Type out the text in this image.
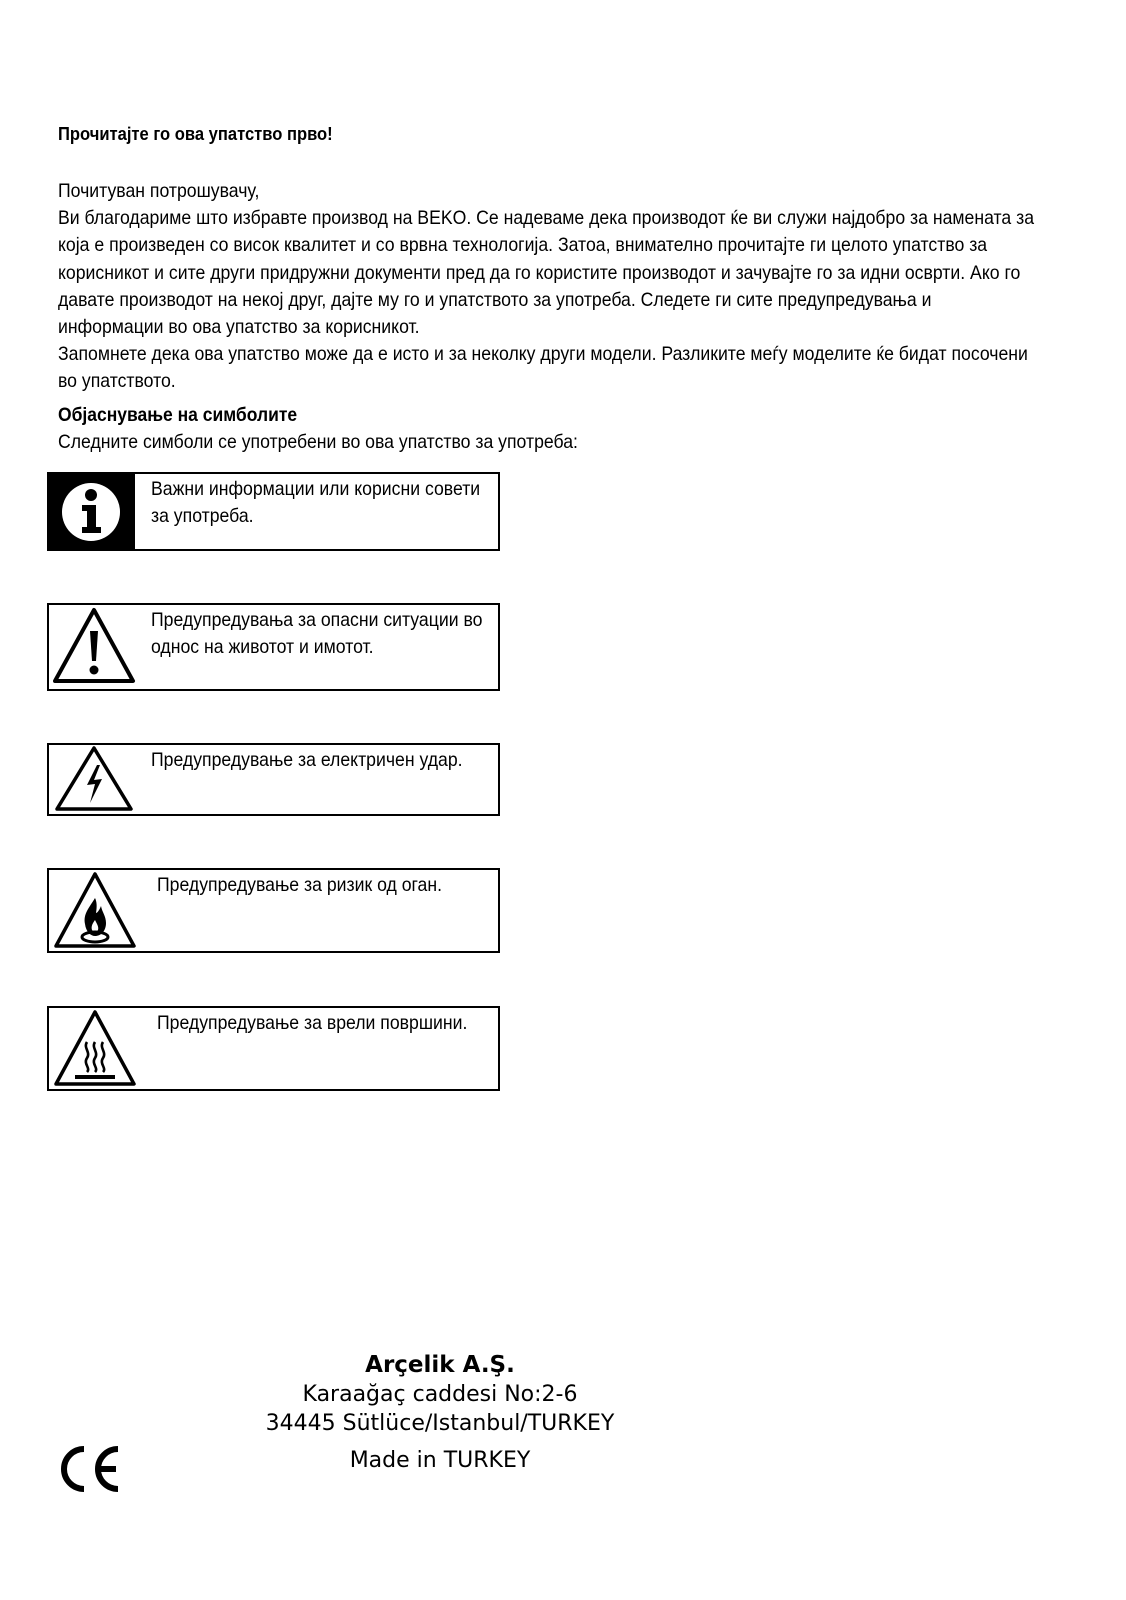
Прочитајте го ова упатство прво!

Почитуван потрошувачу,

Ви благодариме што избравте производ на BEKO. Се надеваме дека производот ќе ви служи најдобро за намената за која е произведен со висок квалитет и со врвна технологија. Затоа, внимателно прочитајте ги целото упатство за корисникот и сите други придружни документи пред да го користите производот и зачувајте го за идни осврти. Ако го давате производот на некој друг, дајте му го и упатството за употреба. Следете ги сите предупредувања и информации во ова упатство за корисникот.

Запомнете дека ова упатство може да е исто и за неколку други модели. Разликите меѓу моделите ќе бидат посочени во упатството.

Објаснување на симболите
Следните симболи се употребени во ова упатство за употреба:
Важни информации или корисни совети за употреба.
Предупредувања за опасни ситуации во однос на животот и имотот.
Предупредување за електричен удар.
Предупредување за ризик од оган.
Предупредување за врели површини.
Arçelik A.Ş.
Karaağaç caddesi No:2-6
34445 Sütlüce/Istanbul/TURKEY
Made in TURKEY
